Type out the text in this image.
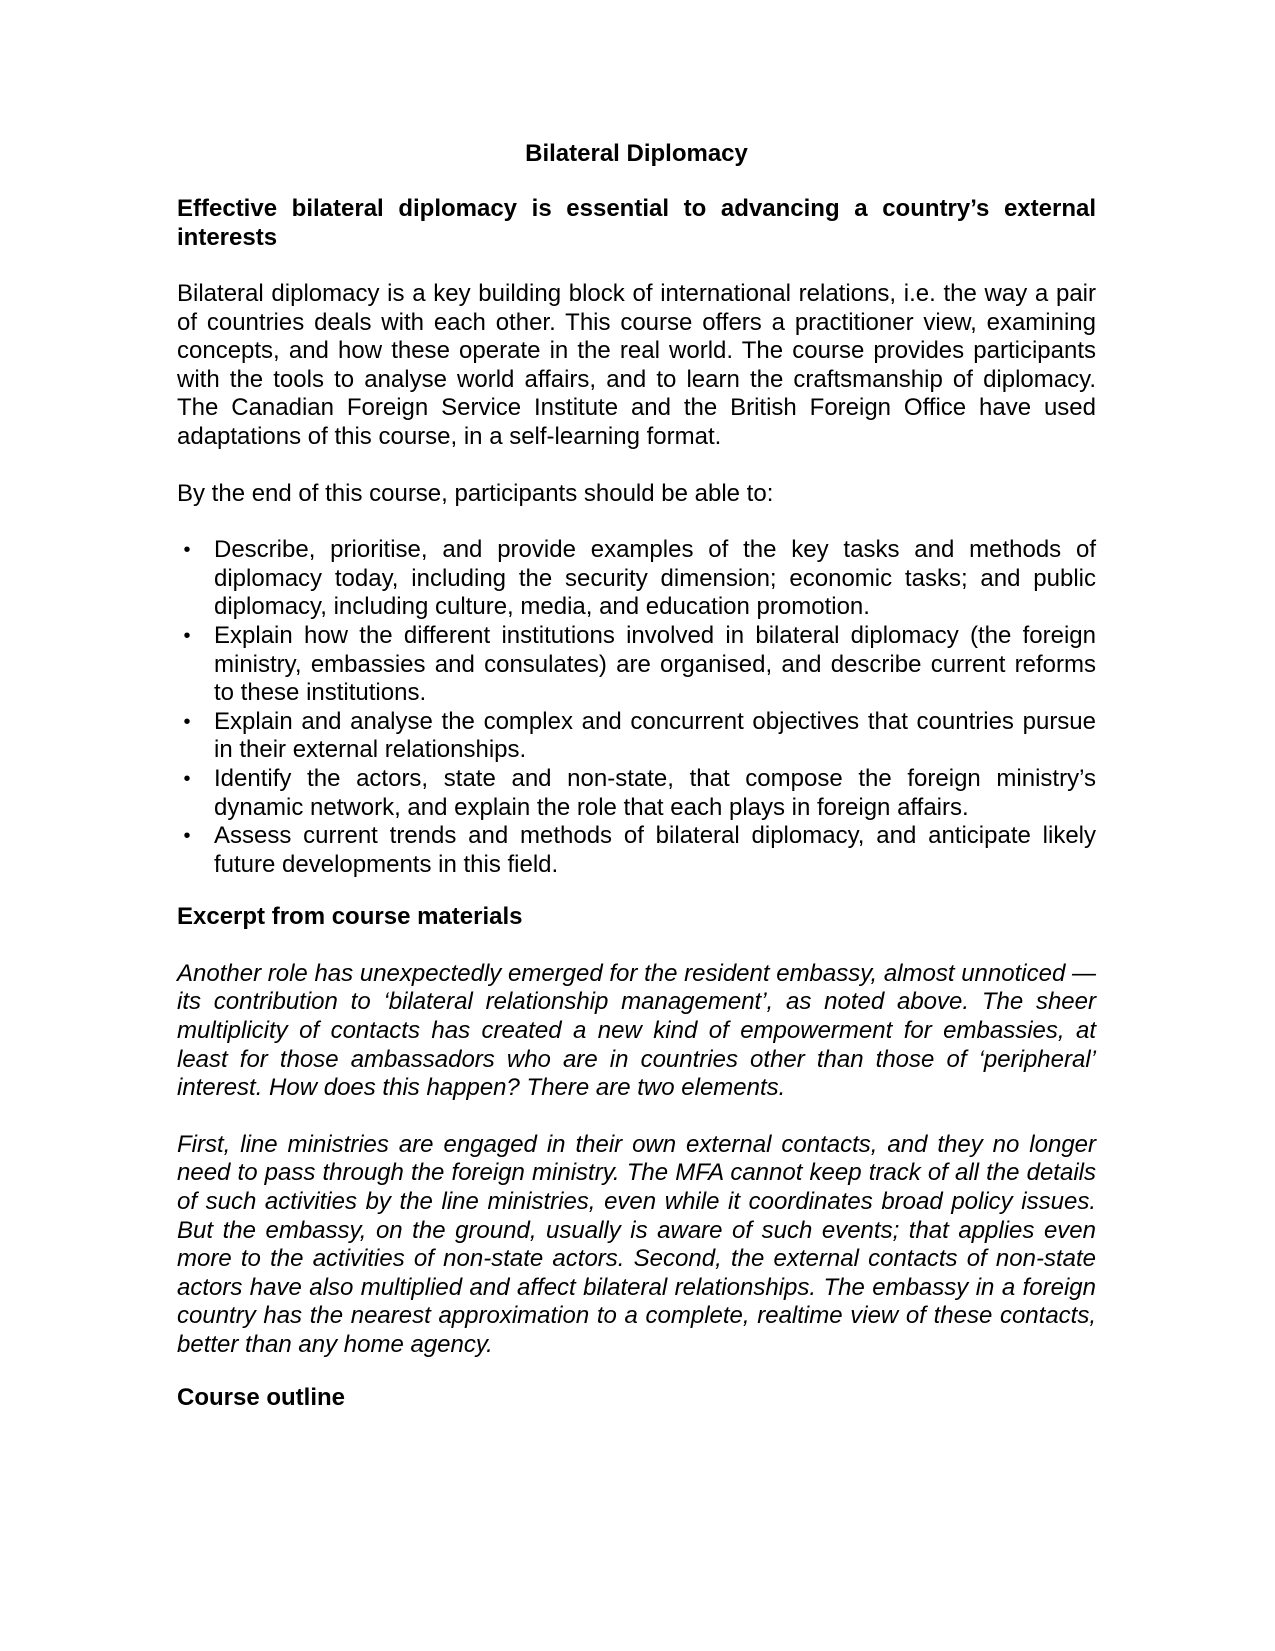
Bilateral Diplomacy
Effective bilateral diplomacy is essential to advancing a country’s external interests

Bilateral diplomacy is a key building block of international relations, i.e. the way a pair of countries deals with each other. This course offers a practitioner view, examining concepts, and how these operate in the real world. The course provides participants with the tools to analyse world affairs, and to learn the craftsmanship of diplomacy. The Canadian Foreign Service Institute and the British Foreign Office have used adaptations of this course, in a self-learning format.

By the end of this course, participants should be able to:

• Describe, prioritise, and provide examples of the key tasks and methods of diplomacy today, including the security dimension; economic tasks; and public diplomacy, including culture, media, and education promotion.
• Explain how the different institutions involved in bilateral diplomacy (the foreign ministry, embassies and consulates) are organised, and describe current reforms to these institutions.
• Explain and analyse the complex and concurrent objectives that countries pursue in their external relationships.
• Identify the actors, state and non-state, that compose the foreign ministry’s dynamic network, and explain the role that each plays in foreign affairs.
• Assess current trends and methods of bilateral diplomacy, and anticipate likely future developments in this field.
Excerpt from course materials

Another role has unexpectedly emerged for the resident embassy, almost unnoticed — its contribution to ‘bilateral relationship management’, as noted above. The sheer multiplicity of contacts has created a new kind of empowerment for embassies, at least for those ambassadors who are in countries other than those of ‘peripheral’ interest. How does this happen? There are two elements.

First, line ministries are engaged in their own external contacts, and they no longer need to pass through the foreign ministry. The MFA cannot keep track of all the details of such activities by the line ministries, even while it coordinates broad policy issues. But the embassy, on the ground, usually is aware of such events; that applies even more to the activities of non-state actors. Second, the external contacts of non-state actors have also multiplied and affect bilateral relationships. The embassy in a foreign country has the nearest approximation to a complete, realtime view of these contacts, better than any home agency.

Course outline
